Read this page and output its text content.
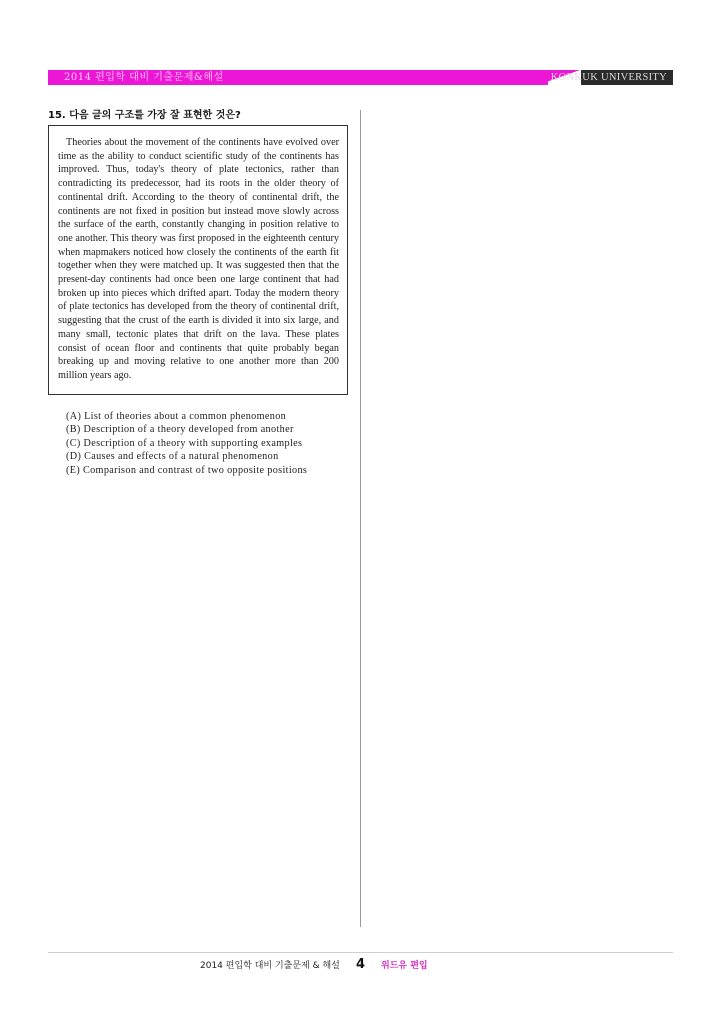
2014 편입학 대비 기출문제&해설	KONKUK UNIVERSITY
15. 다음 글의 구조를 가장 잘 표현한 것은?

Theories about the movement of the continents have evolved over time as the ability to conduct scientific study of the continents has improved. Thus, today's theory of plate tectonics, rather than contradicting its predecessor, had its roots in the older theory of continental drift. According to the theory of continental drift, the continents are not fixed in position but instead move slowly across the surface of the earth, constantly changing in position relative to one another. This theory was first proposed in the eighteenth century when mapmakers noticed how closely the continents of the earth fit together when they were matched up. It was suggested then that the present-day continents had once been one large continent that had broken up into pieces which drifted apart. Today the modern theory of plate tectonics has developed from the theory of continental drift, suggesting that the crust of the earth is divided it into six large, and many small, tectonic plates that drift on the lava. These plates consist of ocean floor and continents that quite probably began breaking up and moving relative to one another more than 200 million years ago.

(A) List of theories about a common phenomenon
(B) Description of a theory developed from another
(C) Description of a theory with supporting examples
(D) Causes and effects of a natural phenomenon
(E) Comparison and contrast of two opposite positions
2014 편입학 대비 기출문제 & 해설 4 위드유 편입
